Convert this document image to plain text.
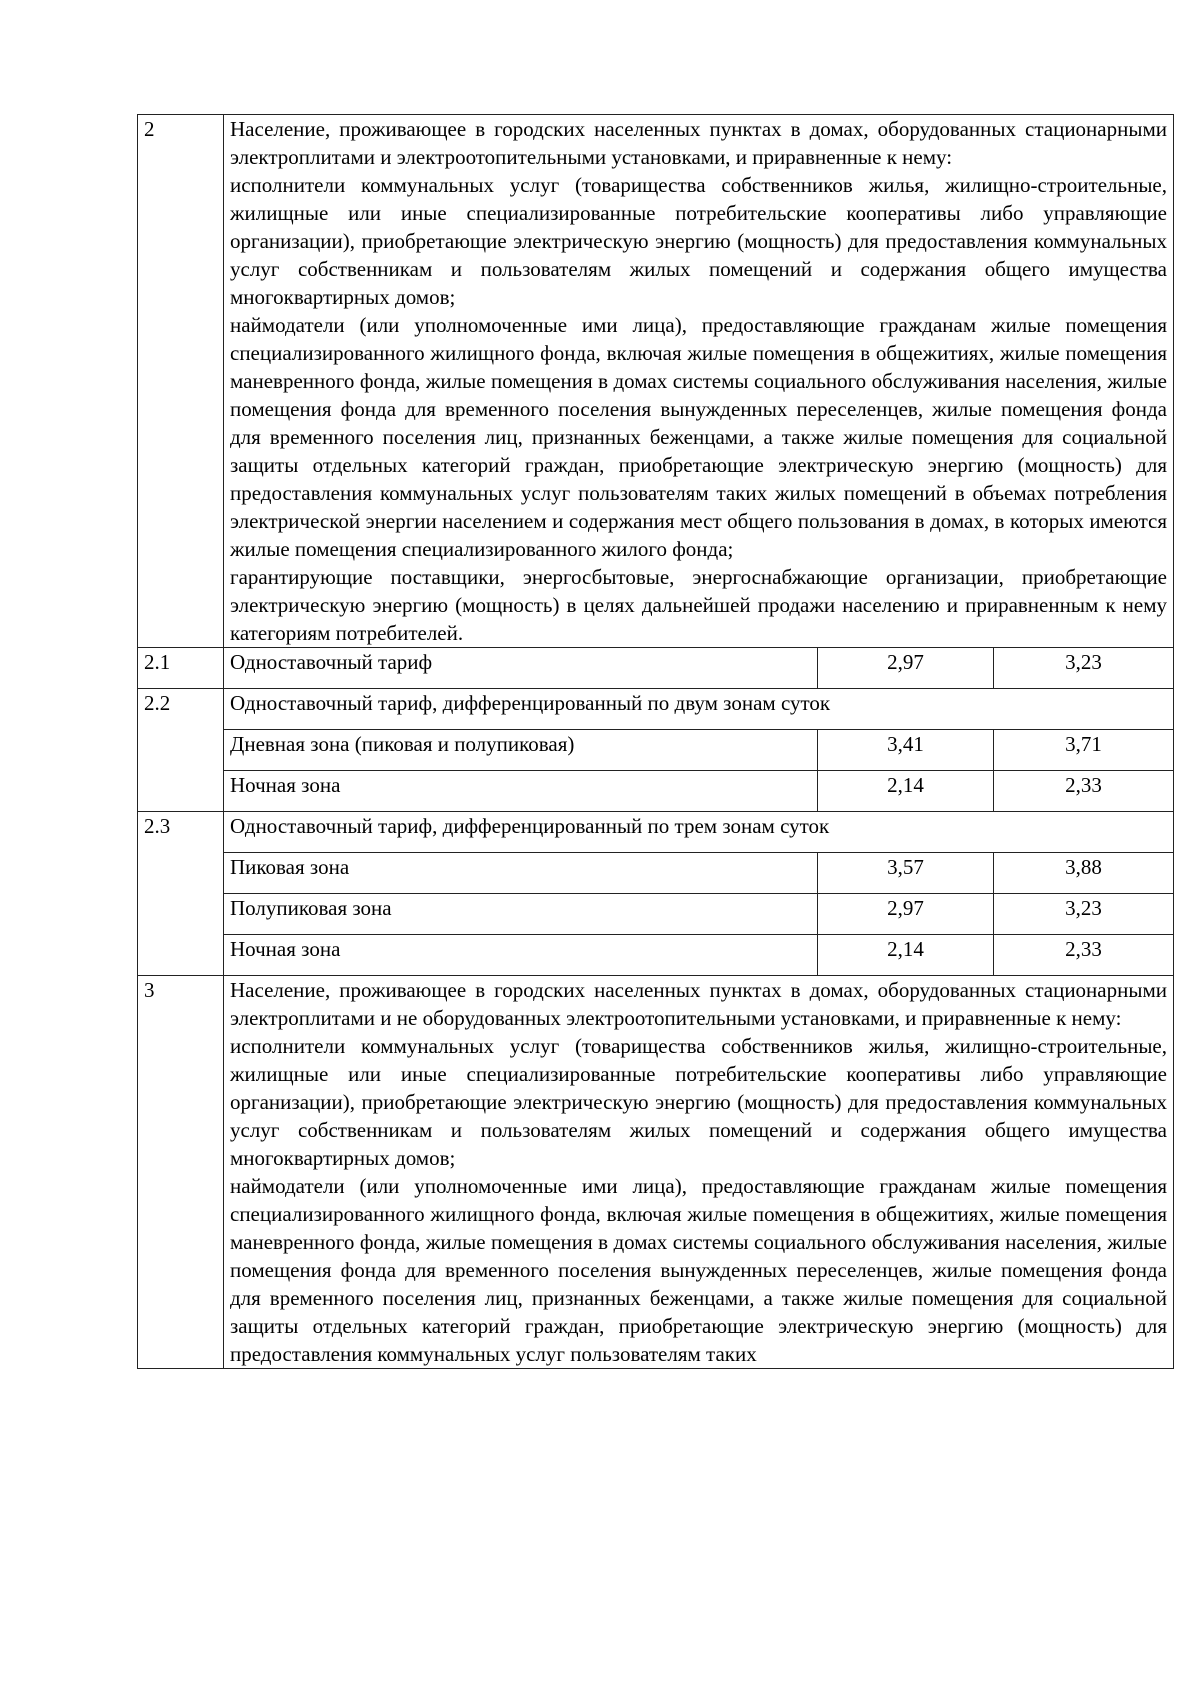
2	Население, проживающее в городских населенных пунктах в домах, оборудованных стационарными электроплитами и электроотопительными установками, и приравненные к нему:

исполнители коммунальных услуг (товарищества собственников жилья, жилищно-строительные, жилищные или иные специализированные потребительские кооперативы либо управляющие организации), приобретающие электрическую энергию (мощность) для предоставления коммунальных услуг собственникам и пользователям жилых помещений и содержания общего имущества многоквартирных домов;

наймодатели (или уполномоченные ими лица), предоставляющие гражданам жилые помещения специализированного жилищного фонда, включая жилые помещения в общежитиях, жилые помещения маневренного фонда, жилые помещения в домах системы социального обслуживания населения, жилые помещения фонда для временного поселения вынужденных переселенцев, жилые помещения фонда для временного поселения лиц, признанных беженцами, а также жилые помещения для социальной защиты отдельных категорий граждан, приобретающие электрическую энергию (мощность) для предоставления коммунальных услуг пользователям таких жилых помещений в объемах потребления электрической энергии населением и содержания мест общего пользования в домах, в которых имеются жилые помещения специализированного жилого фонда;

гарантирующие поставщики, энергосбытовые, энергоснабжающие организации, приобретающие электрическую энергию (мощность) в целях дальнейшей продажи населению и приравненным к нему категориям потребителей.		

2.1	Одноставочный тариф	2,97	3,23
2.2	Одноставочный тариф, дифференцированный по двум зонам суток		
	Дневная зона (пиковая и полупиковая)	3,41	3,71
	Ночная зона	2,14	2,33
2.3	Одноставочный тариф, дифференцированный по трем зонам суток		
	Пиковая зона	3,57	3,88
	Полупиковая зона	2,97	3,23
	Ночная зона	2,14	2,33
3	Население, проживающее в городских населенных пунктах в домах, оборудованных стационарными электроплитами и не оборудованных электроотопительными установками, и приравненные к нему:

исполнители коммунальных услуг (товарищества собственников жилья, жилищно-строительные, жилищные или иные специализированные потребительские кооперативы либо управляющие организации), приобретающие электрическую энергию (мощность) для предоставления коммунальных услуг собственникам и пользователям жилых помещений и содержания общего имущества многоквартирных домов;

наймодатели (или уполномоченные ими лица), предоставляющие гражданам жилые помещения специализированного жилищного фонда, включая жилые помещения в общежитиях, жилые помещения маневренного фонда, жилые помещения в домах системы социального обслуживания населения, жилые помещения фонда для временного поселения вынужденных переселенцев, жилые помещения фонда для временного поселения лиц, признанных беженцами, а также жилые помещения для социальной защиты отдельных категорий граждан, приобретающие электрическую энергию (мощность) для предоставления коммунальных услуг пользователям таких		
